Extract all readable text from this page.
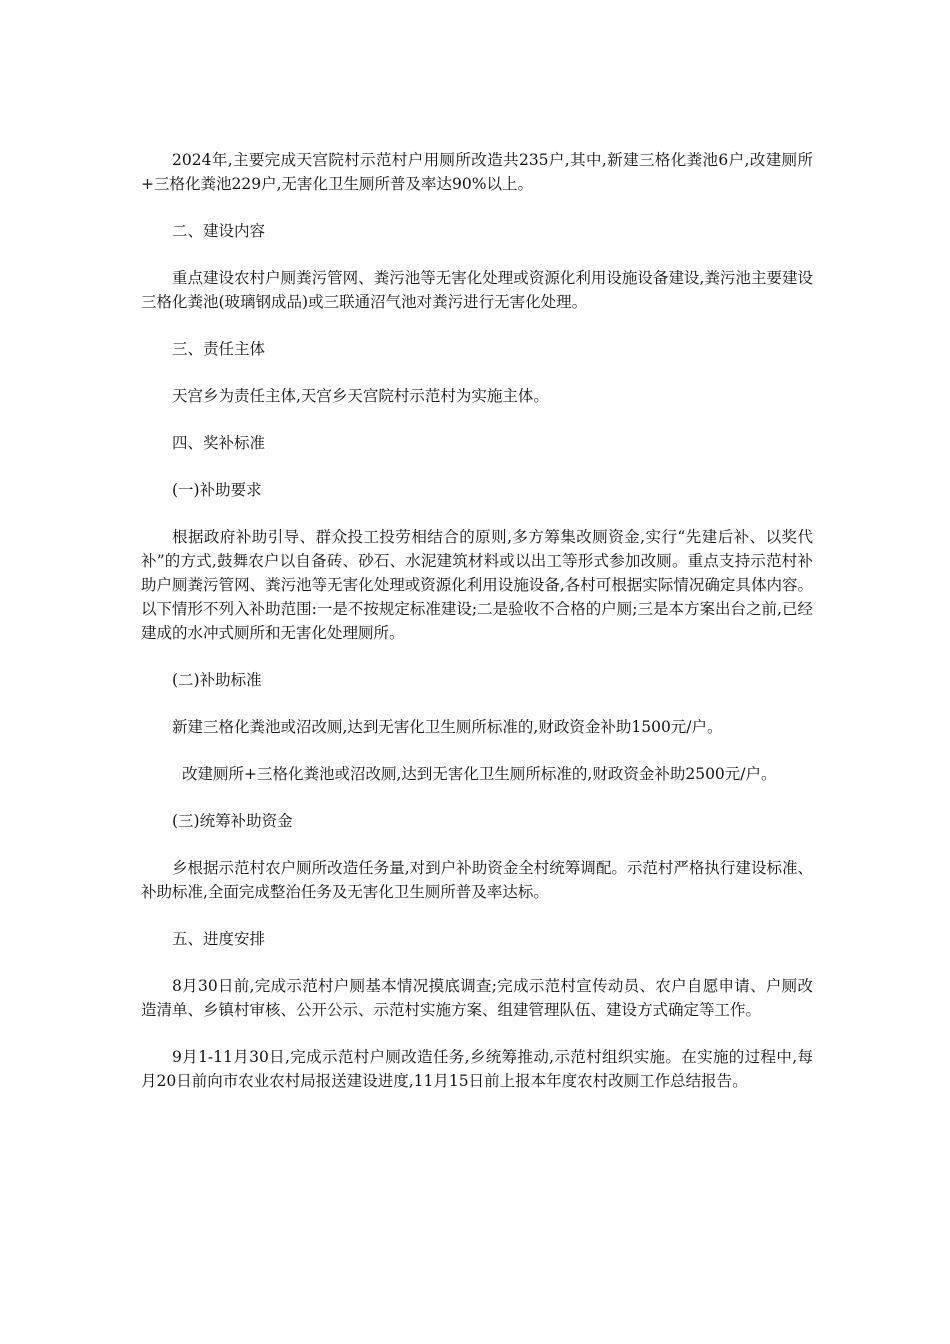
2024年,主要完成天宫院村示范村户用厕所改造共235户,其中,新建三格化粪池6户,改建厕所+三格化粪池229户,无害化卫生厕所普及率达90%以上。

二、建设内容

重点建设农村户厕粪污管网、粪污池等无害化处理或资源化利用设施设备建设,粪污池主要建设三格化粪池(玻璃钢成品)或三联通沼气池对粪污进行无害化处理。

三、责任主体

天宫乡为责任主体,天宫乡天宫院村示范村为实施主体。

四、奖补标准

(一)补助要求

根据政府补助引导、群众投工投劳相结合的原则,多方筹集改厕资金,实行“先建后补、以奖代补”的方式,鼓舞农户以自备砖、砂石、水泥建筑材料或以出工等形式参加改厕。重点支持示范村补助户厕粪污管网、粪污池等无害化处理或资源化利用设施设备,各村可根据实际情况确定具体内容。以下情形不列入补助范围:一是不按规定标准建设;二是验收不合格的户厕;三是本方案出台之前,已经建成的水冲式厕所和无害化处理厕所。

(二)补助标准

新建三格化粪池或沼改厕,达到无害化卫生厕所标准的,财政资金补助1500元/户。

改建厕所+三格化粪池或沼改厕,达到无害化卫生厕所标准的,财政资金补助2500元/户。

(三)统筹补助资金

乡根据示范村农户厕所改造任务量,对到户补助资金全村统筹调配。示范村严格执行建设标准、补助标准,全面完成整治任务及无害化卫生厕所普及率达标。

五、进度安排

8月30日前,完成示范村户厕基本情况摸底调查;完成示范村宣传动员、农户自愿申请、户厕改造清单、乡镇村审核、公开公示、示范村实施方案、组建管理队伍、建设方式确定等工作。

9月1-11月30日,完成示范村户厕改造任务,乡统筹推动,示范村组织实施。在实施的过程中,每月20日前向市农业农村局报送建设进度,11月15日前上报本年度农村改厕工作总结报告。
